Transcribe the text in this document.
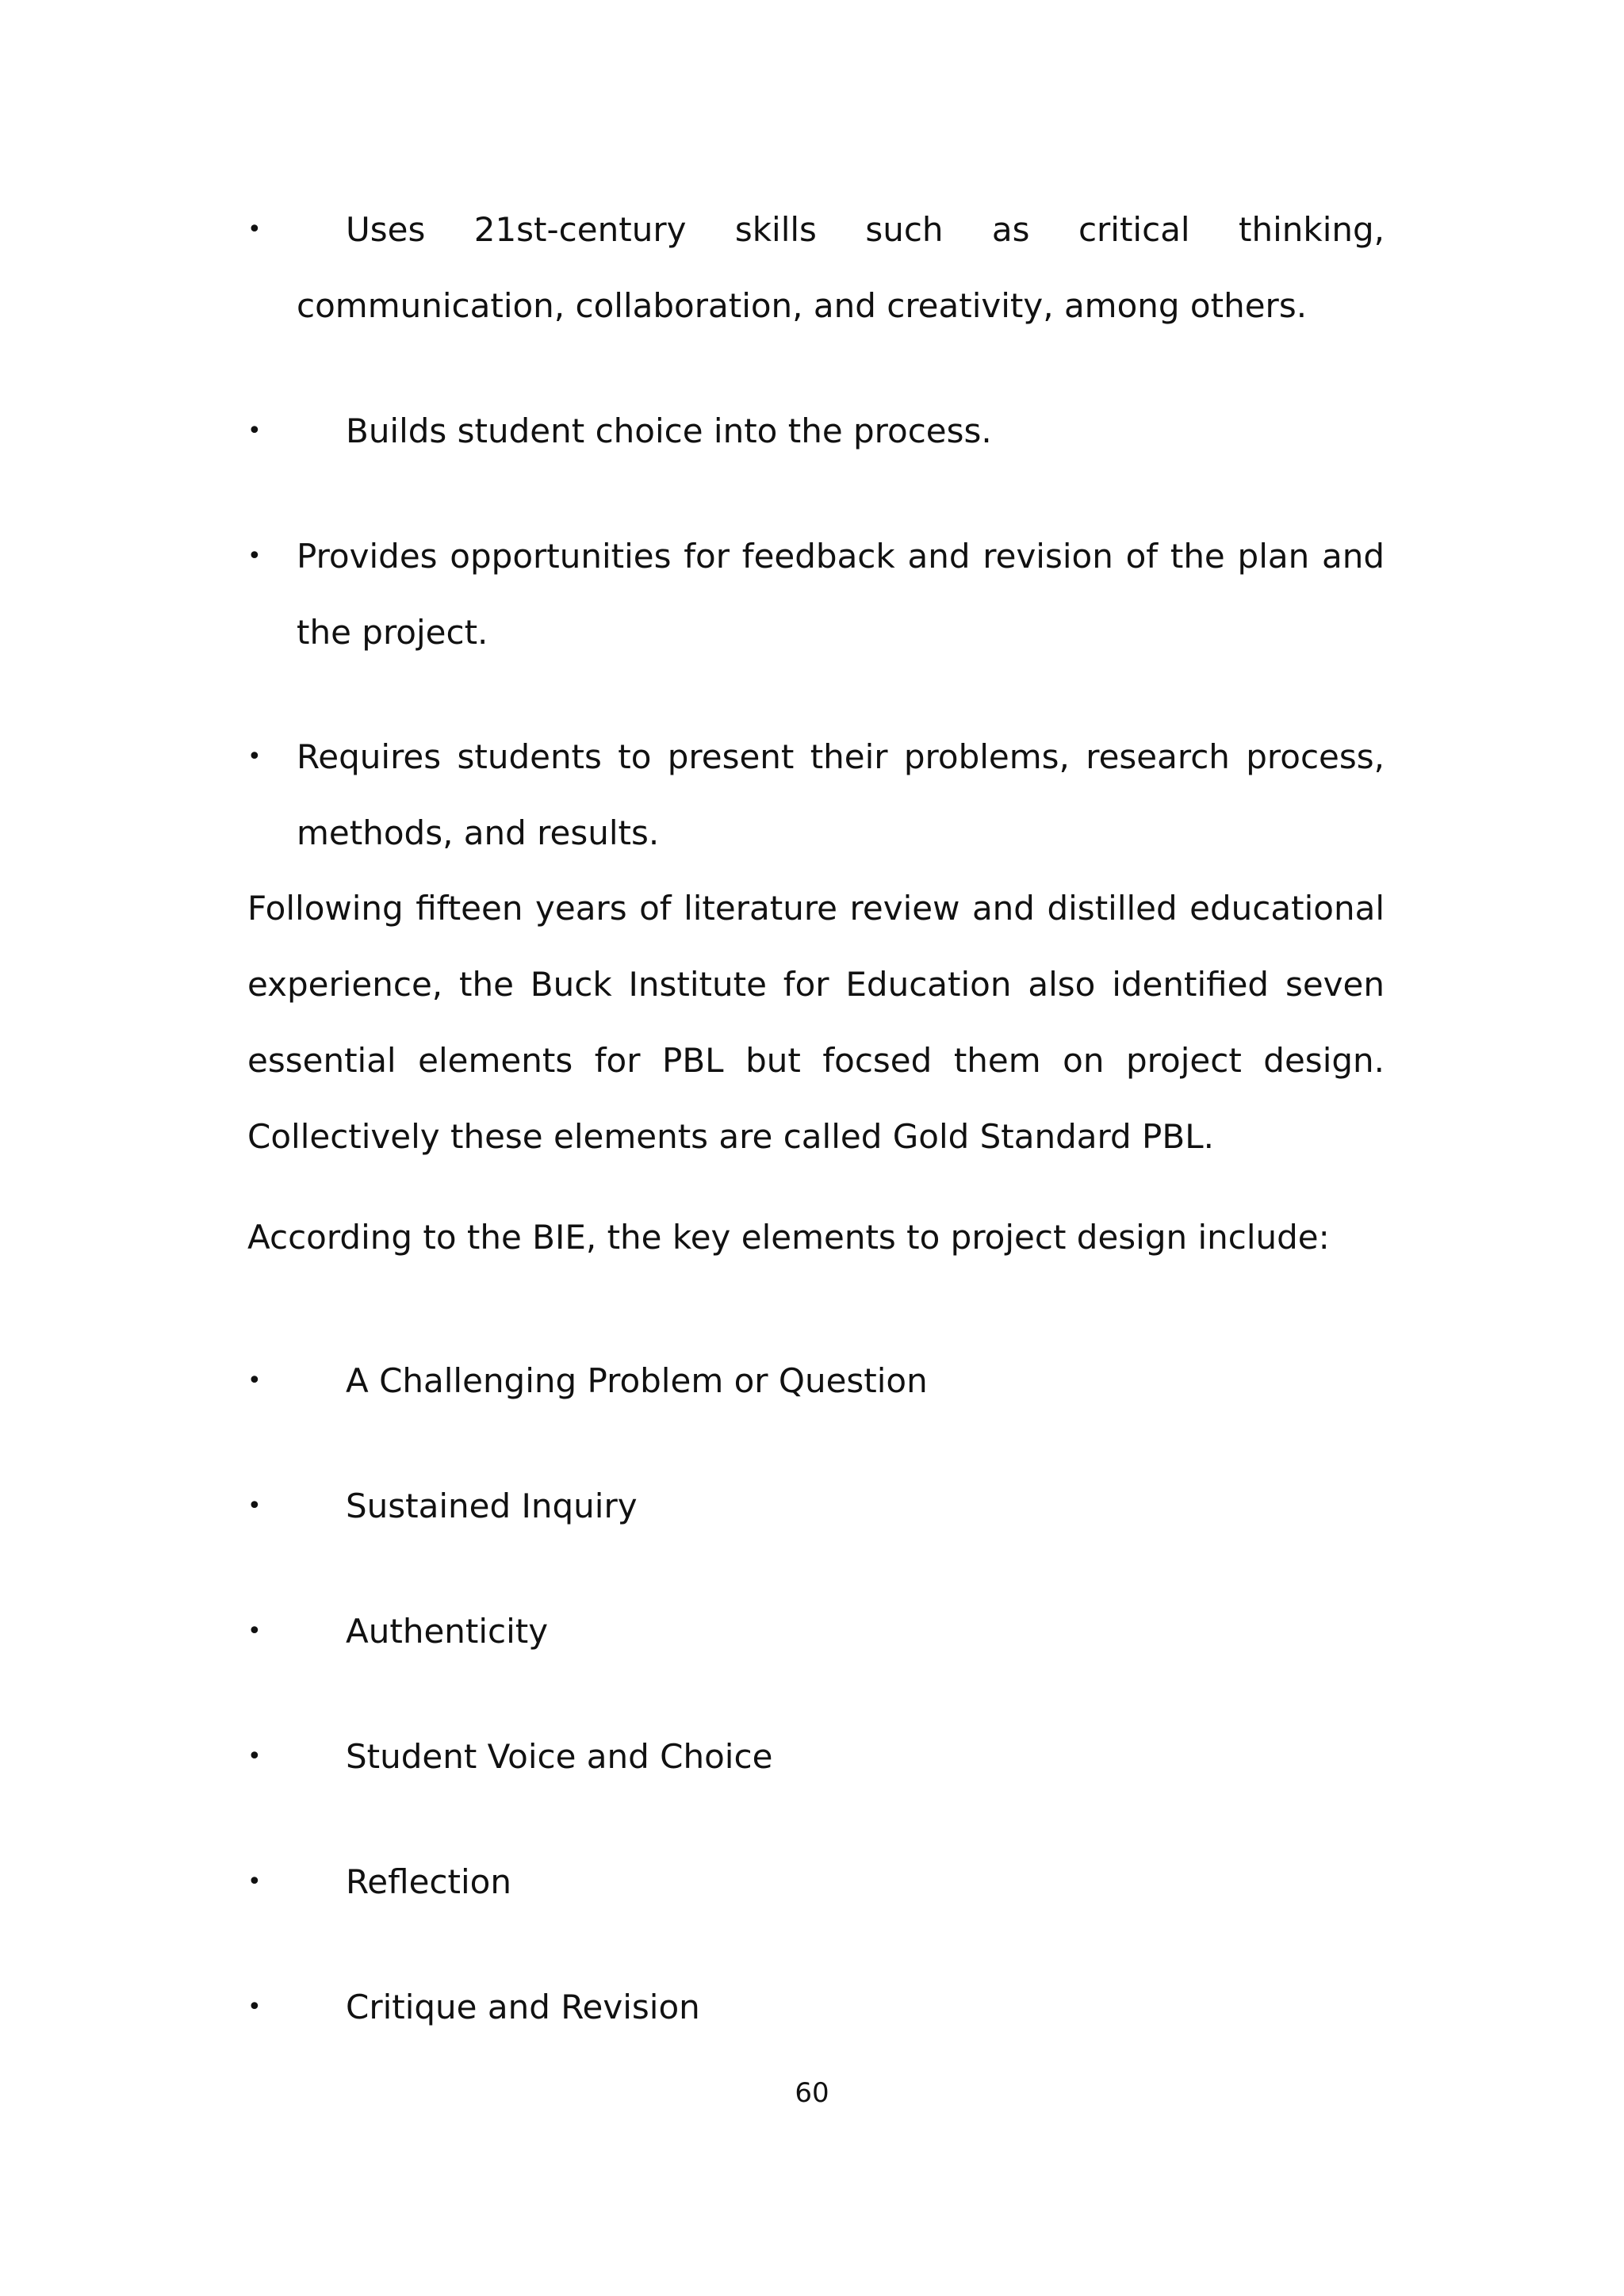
•	Uses 21st-century skills such as critical thinking,
communication, collaboration, and creativity, among others.
•	Builds student choice into the process.
•	Provides opportunities for feedback and revision of the plan and the project.
•	Requires students to present their problems, research process, methods, and results.
Following fifteen years of literature review and distilled educational experience, the Buck Institute for Education also identified seven essential elements for PBL but focsed them on project design. Collectively these elements are called Gold Standard PBL.
According to the BIE, the key elements to project design include:
•	A Challenging Problem or Question
•	Sustained Inquiry
•	Authenticity
•	Student Voice and Choice
•	Reflection
•	Critique and Revision
60
